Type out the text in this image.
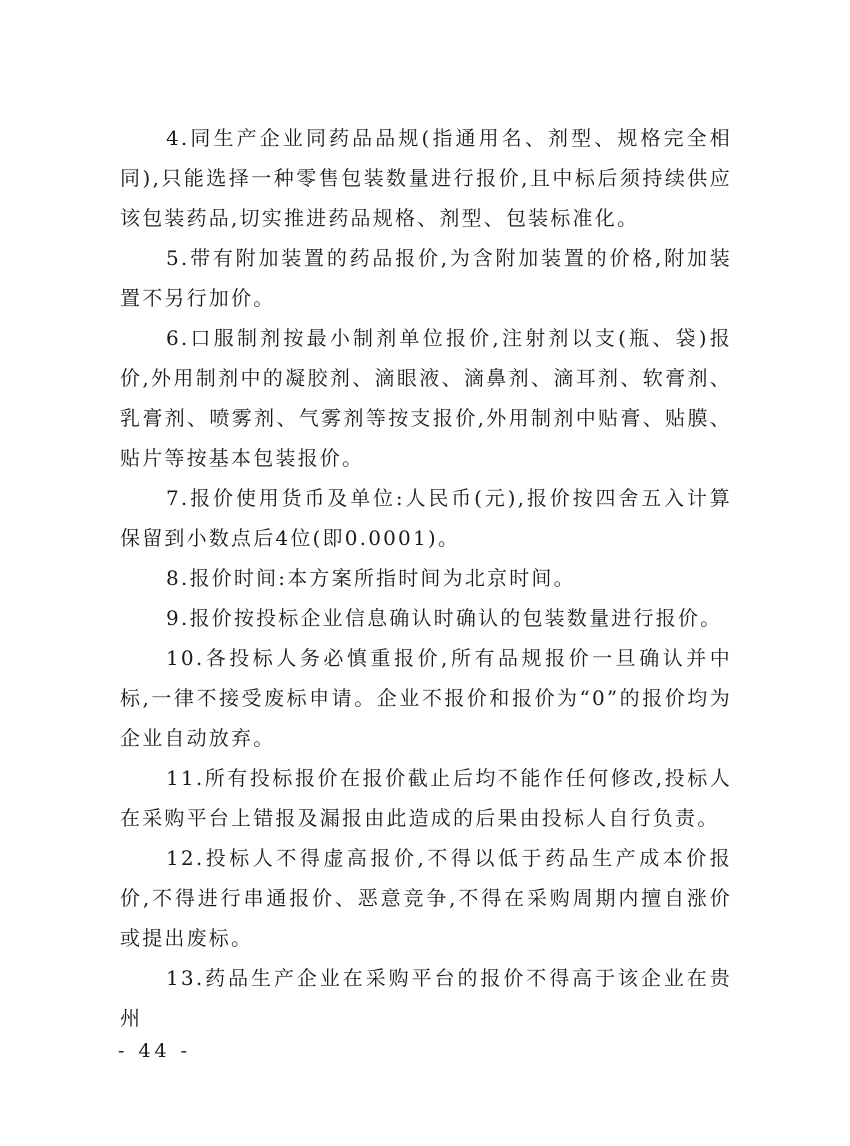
4.同生产企业同药品品规(指通用名、剂型、规格完全相同),只能选择一种零售包装数量进行报价,且中标后须持续供应该包装药品,切实推进药品规格、剂型、包装标准化。

5.带有附加装置的药品报价,为含附加装置的价格,附加装置不另行加价。

6.口服制剂按最小制剂单位报价,注射剂以支(瓶、袋)报价,外用制剂中的凝胶剂、滴眼液、滴鼻剂、滴耳剂、软膏剂、乳膏剂、喷雾剂、气雾剂等按支报价,外用制剂中贴膏、贴膜、贴片等按基本包装报价。

7.报价使用货币及单位:人民币(元),报价按四舍五入计算保留到小数点后4位(即0.0001)。

8.报价时间:本方案所指时间为北京时间。

9.报价按投标企业信息确认时确认的包装数量进行报价。

10.各投标人务必慎重报价,所有品规报价一旦确认并中标,一律不接受废标申请。企业不报价和报价为“0”的报价均为企业自动放弃。

11.所有投标报价在报价截止后均不能作任何修改,投标人在采购平台上错报及漏报由此造成的后果由投标人自行负责。

12.投标人不得虚高报价,不得以低于药品生产成本价报价,不得进行串通报价、恶意竞争,不得在采购周期内擅自涨价或提出废标。

13.药品生产企业在采购平台的报价不得高于该企业在贵州

- 44 -
